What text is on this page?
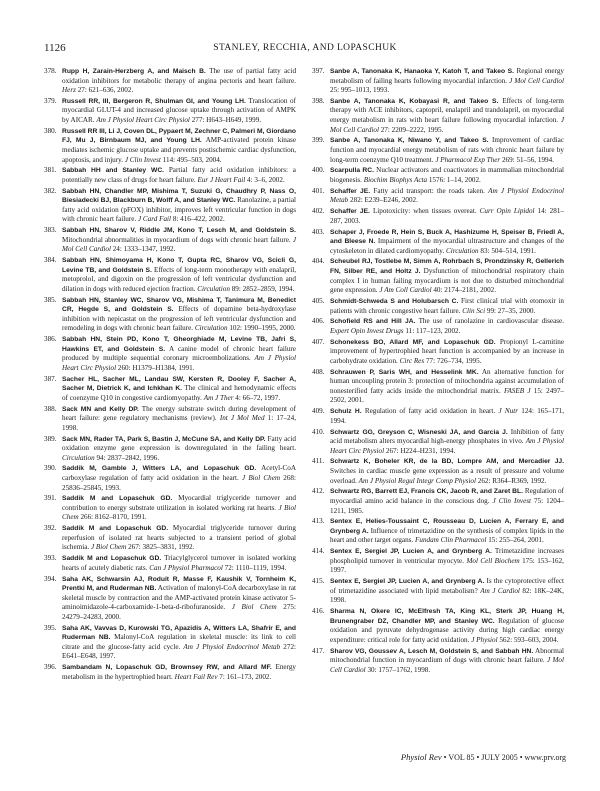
1126	STANLEY, RECCHIA, AND LOPASCHUK
378. Rupp H, Zarain-Herzberg A, and Maisch B. The use of partial fatty acid oxidation inhibitors for metabolic therapy of angina pectoris and heart failure. Herz 27: 621–636, 2002.
379. Russell RR, III, Bergeron R, Shulman GI, and Young LH. Translocation of myocardial GLUT-4 and increased glucose uptake through activation of AMPK by AICAR. Am J Physiol Heart Circ Physiol 277: H643–H649, 1999.
380. Russell RR III, Li J, Coven DL, Pypaert M, Zechner C, Palmeri M, Giordano FJ, Mu J, Birnbaum MJ, and Young LH. AMP-activated protein kinase mediates ischemic glucose uptake and prevents postischemic cardiac dysfunction, apoptosis, and injury. J Clin Invest 114: 495–503, 2004.
381. Sabbah HH and Stanley WC. Partial fatty acid oxidation inhibitors: a potentially new class of drugs for heart failure. Eur J Heart Fail 4: 3–6, 2002.
382. Sabbah HN, Chandler MP, Mishima T, Suzuki G, Chaudhry P, Nass O, Biesiadecki BJ, Blackburn B, Wolff A, and Stanley WC. Ranolazine, a partial fatty acid oxidation (pFOX) inhibitor, improves left ventricular function in dogs with chronic heart failure. J Card Fail 8: 416–422, 2002.
383. Sabbah HN, Sharov V, Riddle JM, Kono T, Lesch M, and Goldstein S. Mitochondrial abnormalities in myocardium of dogs with chronic heart failure. J Mol Cell Cardiol 24: 1333–1347, 1992.
384. Sabbah HN, Shimoyama H, Kono T, Gupta RC, Sharov VG, Scicli G, Levine TB, and Goldstein S. Effects of long-term monotherapy with enalapril, metoprolol, and digoxin on the progression of left ventricular dysfunction and dilation in dogs with reduced ejection fraction. Circulation 89: 2852–2859, 1994.
385. Sabbah HN, Stanley WC, Sharov VG, Mishima T, Tanimura M, Benedict CR, Hegde S, and Goldstein S. Effects of dopamine beta-hydroxylase inhibition with nepicastat on the progression of left ventricular dysfunction and remodeling in dogs with chronic heart failure. Circulation 102: 1990–1995, 2000.
386. Sabbah HN, Stein PD, Kono T, Gheorghiade M, Levine TB, Jafri S, Hawkins ET, and Goldstein S. A canine model of chronic heart failure produced by multiple sequential coronary microembolizations. Am J Physiol Heart Circ Physiol 260: H1379–H1384, 1991.
387. Sacher HL, Sacher ML, Landau SW, Kersten R, Dooley F, Sacher A, Sacher M, Dietrick K, and Ichkhan K. The clinical and hemodynamic effects of coenzyme Q10 in congestive cardiomyopathy. Am J Ther 4: 66–72, 1997.
388. Sack MN and Kelly DP. The energy substrate switch during development of heart failure: gene regulatory mechanisms (review). Int J Mol Med 1: 17–24, 1998.
389. Sack MN, Rader TA, Park S, Bastin J, McCune SA, and Kelly DP. Fatty acid oxidation enzyme gene expression is downregulated in the failing heart. Circulation 94: 2837–2842, 1996.
390. Saddik M, Gamble J, Witters LA, and Lopaschuk GD. Acetyl-CoA carboxylase regulation of fatty acid oxidation in the heart. J Biol Chem 268: 25836–25845, 1993.
391. Saddik M and Lopaschuk GD. Myocardial triglyceride turnover and contribution to energy substrate utilization in isolated working rat hearts. J Biol Chem 266: 8162–8170, 1991.
392. Saddik M and Lopaschuk GD. Myocardial triglyceride turnover during reperfusion of isolated rat hearts subjected to a transient period of global ischemia. J Biol Chem 267: 3825–3831, 1992.
393. Saddik M and Lopaschuk GD. Triacylglycerol turnover in isolated working hearts of acutely diabetic rats. Can J Physiol Pharmacol 72: 1110–1119, 1994.
394. Saha AK, Schwarsin AJ, Roduit R, Masse F, Kaushik V, Tornheim K, Prentki M, and Ruderman NB. Activation of malonyl-CoA decarboxylase in rat skeletal muscle by contraction and the AMP-activated protein kinase activator 5-aminoimidazole-4-carboxamide-1-beta-d-ribofuranoside. J Biol Chem 275: 24279–24283, 2000.
395. Saha AK, Vavvas D, Kurowski TG, Apazidis A, Witters LA, Shafrir E, and Ruderman NB. Malonyl-CoA regulation in skeletal muscle: its link to cell citrate and the glucose-fatty acid cycle. Am J Physiol Endocrinol Metab 272: E641–E648, 1997.
396. Sambandam N, Lopaschuk GD, Brownsey RW, and Allard MF. Energy metabolism in the hypertrophied heart. Heart Fail Rev 7: 161–173, 2002.
397. Sanbe A, Tanonaka K, Hanaoka Y, Katoh T, and Takeo S. Regional energy metabolism of failing hearts following myocardial infarction. J Mol Cell Cardiol 25: 995–1013, 1993.
398. Sanbe A, Tanonaka K, Kobayasi R, and Takeo S. Effects of long-term therapy with ACE inhibitors, captopril, enalapril and trandolapril, on myocardial energy metabolism in rats with heart failure following myocardial infarction. J Mol Cell Cardiol 27: 2209–2222, 1995.
399. Sanbe A, Tanonaka K, Niwano Y, and Takeo S. Improvement of cardiac function and myocardial energy metabolism of rats with chronic heart failure by long-term coenzyme Q10 treatment. J Pharmacol Exp Ther 269: 51–56, 1994.
400. Scarpulla RC. Nuclear activators and coactivators in mammalian mitochondrial biogenesis. Biochim Biophys Acta 1576: 1–14, 2002.
401. Schaffer JE. Fatty acid transport: the roads taken. Am J Physiol Endocrinol Metab 282: E239–E246, 2002.
402. Schaffer JE. Lipotoxicity: when tissues overeat. Curr Opin Lipidol 14: 281–287, 2003.
403. Schaper J, Froede R, Hein S, Buck A, Hashizume H, Speiser B, Friedl A, and Bleese N. Impairment of the myocardial ultrastructure and changes of the cytoskeleton in dilated cardiomyopathy. Circulation 83: 504–514, 1991.
404. Scheubel RJ, Tostlebe M, Simm A, Rohrbach S, Prondzinsky R, Gellerich FN, Silber RE, and Holtz J. Dysfunction of mitochondrial respiratory chain complex I in human failing myocardium is not due to disturbed mitochondrial gene expression. J Am Coll Cardiol 40: 2174–2181, 2002.
405. Schmidt-Schweda S and Holubarsch C. First clinical trial with etomoxir in patients with chronic congestive heart failure. Clin Sci 99: 27–35, 2000.
406. Schofield RS and Hill JA. The use of ranolazine in cardiovascular disease. Expert Opin Invest Drugs 11: 117–123, 2002.
407. Schonekess BO, Allard MF, and Lopaschuk GD. Propionyl L-carnitine improvement of hypertrophied heart function is accompanied by an increase in carbohydrate oxidation. Circ Res 77: 726–734, 1995.
408. Schrauwen P, Saris WH, and Hesselink MK. An alternative function for human uncoupling protein 3: protection of mitochondria against accumulation of nonesterified fatty acids inside the mitochondrial matrix. FASEB J 15: 2497–2502, 2001.
409. Schulz H. Regulation of fatty acid oxidation in heart. J Nutr 124: 165–171, 1994.
410. Schwartz GG, Greyson C, Wisneski JA, and Garcia J. Inhibition of fatty acid metabolism alters myocardial high-energy phosphates in vivo. Am J Physiol Heart Circ Physiol 267: H224–H231, 1994.
411. Schwartz K, Boheler KR, de la BD, Lompre AM, and Mercadier JJ. Switches in cardiac muscle gene expression as a result of pressure and volume overload. Am J Physiol Regul Integr Comp Physiol 262: R364–R369, 1992.
412. Schwartz RG, Barrett EJ, Francis CK, Jacob R, and Zaret BL. Regulation of myocardial amino acid balance in the conscious dog. J Clin Invest 75: 1204–1211, 1985.
413. Sentex E, Helies-Toussaint C, Rousseau D, Lucien A, Ferrary E, and Grynberg A. Influence of trimetazidine on the synthesis of complex lipids in the heart and other target organs. Fundam Clin Pharmacol 15: 255–264, 2001.
414. Sentex E, Sergiel JP, Lucien A, and Grynberg A. Trimetazidine increases phospholipid turnover in ventricular myocyte. Mol Cell Biochem 175: 153–162, 1997.
415. Sentex E, Sergiel JP, Lucien A, and Grynberg A. Is the cytoprotective effect of trimetazidine associated with lipid metabolism? Am J Cardiol 82: 18K–24K, 1998.
416. Sharma N, Okere IC, McElfresh TA, King KL, Sterk JP, Huang H, Brunengraber DZ, Chandler MP, and Stanley WC. Regulation of glucose oxidation and pyruvate dehydrogenase activity during high cardiac energy expenditure: critical role for fatty acid oxidation. J Physiol 562: 593–603, 2004.
417. Sharov VG, Goussev A, Lesch M, Goldstein S, and Sabbah HN. Abnormal mitochondrial function in myocardium of dogs with chronic heart failure. J Mol Cell Cardiol 30: 1757–1762, 1998.
Physiol Rev • VOL 85 • JULY 2005 • www.prv.org
